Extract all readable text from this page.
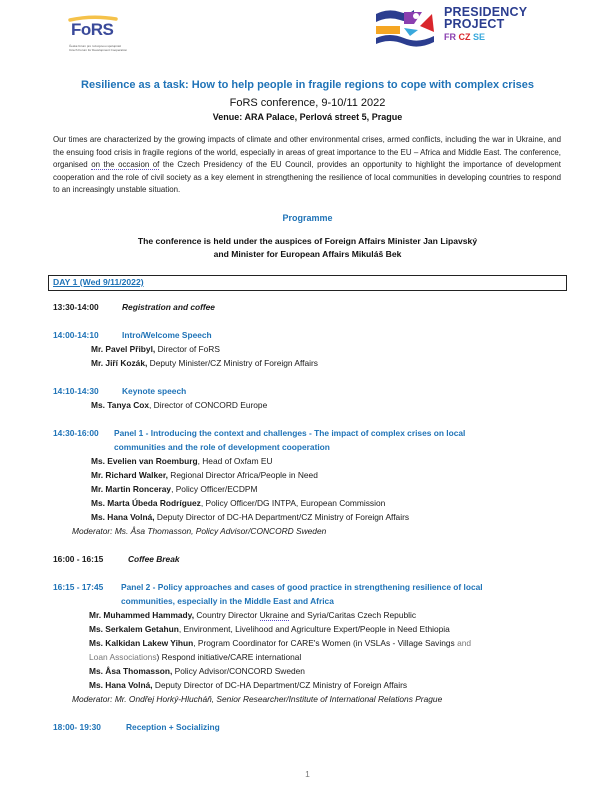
FoRS
České fórum pro rozvojovou spolupráci
Czech Forum for Development Cooperation
PRESIDENCY
PROJECT
FR CZ SE
Resilience as a task: How to help people in fragile regions to cope with complex crises
FoRS conference, 9-10/11 2022
Venue: ARA Palace, Perlová street 5, Prague
Our times are characterized by the growing impacts of climate and other environmental crises, armed conflicts, including the war in Ukraine, and the ensuing food crisis in fragile regions of the world, especially in areas of great importance to the EU – Africa and Middle East. The conference, organised on the occasion of the Czech Presidency of the EU Council, provides an opportunity to highlight the importance of development cooperation and the role of civil society as a key element in strengthening the resilience of local communities in developing countries to respond to an increasingly unstable situation.
Programme
The conference is held under the auspices of Foreign Affairs Minister Jan Lipavský
and Minister for European Affairs Mikuláš Bek
DAY 1 (Wed 9/11/2022)
13:30-14:00	Registration and coffee
14:00-14:10	Intro/Welcome Speech
Mr. Pavel Přibyl, Director of FoRS
Mr. Jiří Kozák, Deputy Minister/CZ Ministry of Foreign Affairs
14:10-14:30	Keynote speech
Ms. Tanya Cox, Director of CONCORD Europe
14:30-16:00 Panel 1 - Introducing the context and challenges - The impact of complex crises on local
communities and the role of development cooperation
Ms. Evelien van Roemburg, Head of Oxfam EU
Mr. Richard Walker, Regional Director Africa/People in Need
Mr. Martin Ronceray, Policy Officer/ECDPM
Ms. Marta Úbeda Rodríguez, Policy Officer/DG INTPA, European Commission
Ms. Hana Volná, Deputy Director of DC-HA Department/CZ Ministry of Foreign Affairs
Moderator: Ms. Åsa Thomasson, Policy Advisor/CONCORD Sweden
16:00 - 16:15	Coffee Break
16:15 - 17:45 Panel 2 - Policy approaches and cases of good practice in strengthening resilience of local
communities, especially in the Middle East and Africa
Mr. Muhammed Hammady, Country Director Ukraine and Syria/Caritas Czech Republic
Ms. Serkalem Getahun, Environment, Livelihood and Agriculture Expert/People in Need Ethiopia
Ms. Kalkidan Lakew Yihun, Program Coordinator for CARE's Women (in VSLAs - Village Savings and
Loan Associations) Respond initiative/CARE international
Ms. Åsa Thomasson, Policy Advisor/CONCORD Sweden
Ms. Hana Volná, Deputy Director of DC-HA Department/CZ Ministry of Foreign Affairs
Moderator: Mr. Ondřej Horký-Hlucháň, Senior Researcher/Institute of International Relations Prague
18:00- 19:30	Reception + Socializing
1
